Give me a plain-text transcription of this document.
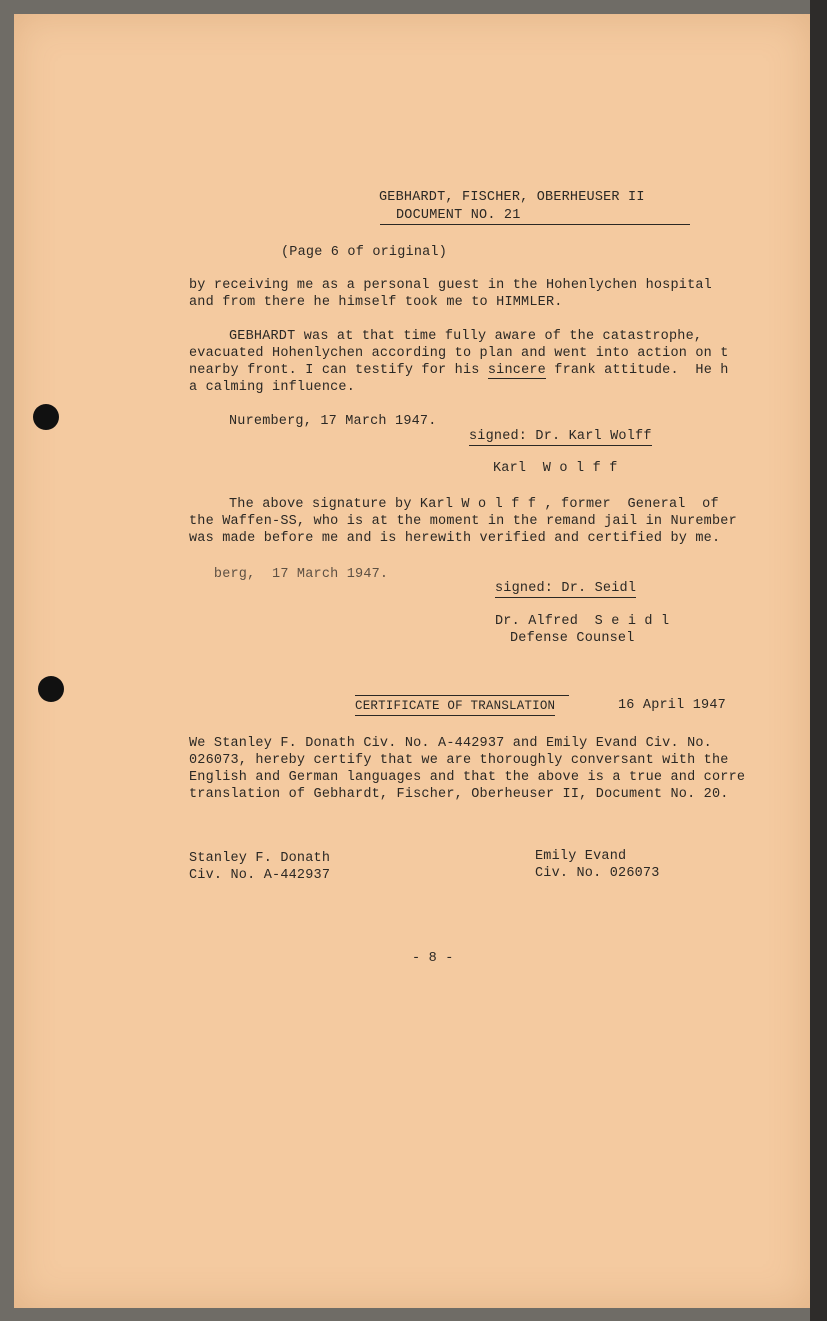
GEBHARDT, FISCHER, OBERHEUSER II
DOCUMENT NO. 21
(Page 6 of original)
by receiving me as a personal guest in the Hohenlychen hospital
and from there he himself took me to HIMMLER.
GEBHARDT was at that time fully aware of the catastrophe,
evacuated Hohenlychen according to plan and went into action on t
nearby front. I can testify for his sincere frank attitude.  He h
a calming influence.
Nuremberg, 17 March 1947.
signed: Dr. Karl Wolff
Karl  W o l f f
The above signature by Karl W o l f f , former  General  of
the Waffen-SS, who is at the moment in the remand jail in Nurember
was made before me and is herewith verified and certified by me.
berg,  17 March 1947.
signed: Dr. Seidl
Dr. Alfred  S e i d l
Defense Counsel
CERTIFICATE OF TRANSLATION	16 April 1947
We Stanley F. Donath Civ. No. A-442937 and Emily Evand Civ. No.
026073, hereby certify that we are thoroughly conversant with the
English and German languages and that the above is a true and corre
translation of Gebhardt, Fischer, Oberheuser II, Document No. 20.
Stanley F. Donath
Civ. No. A-442937
Emily Evand
Civ. No. 026073
- 8 -
